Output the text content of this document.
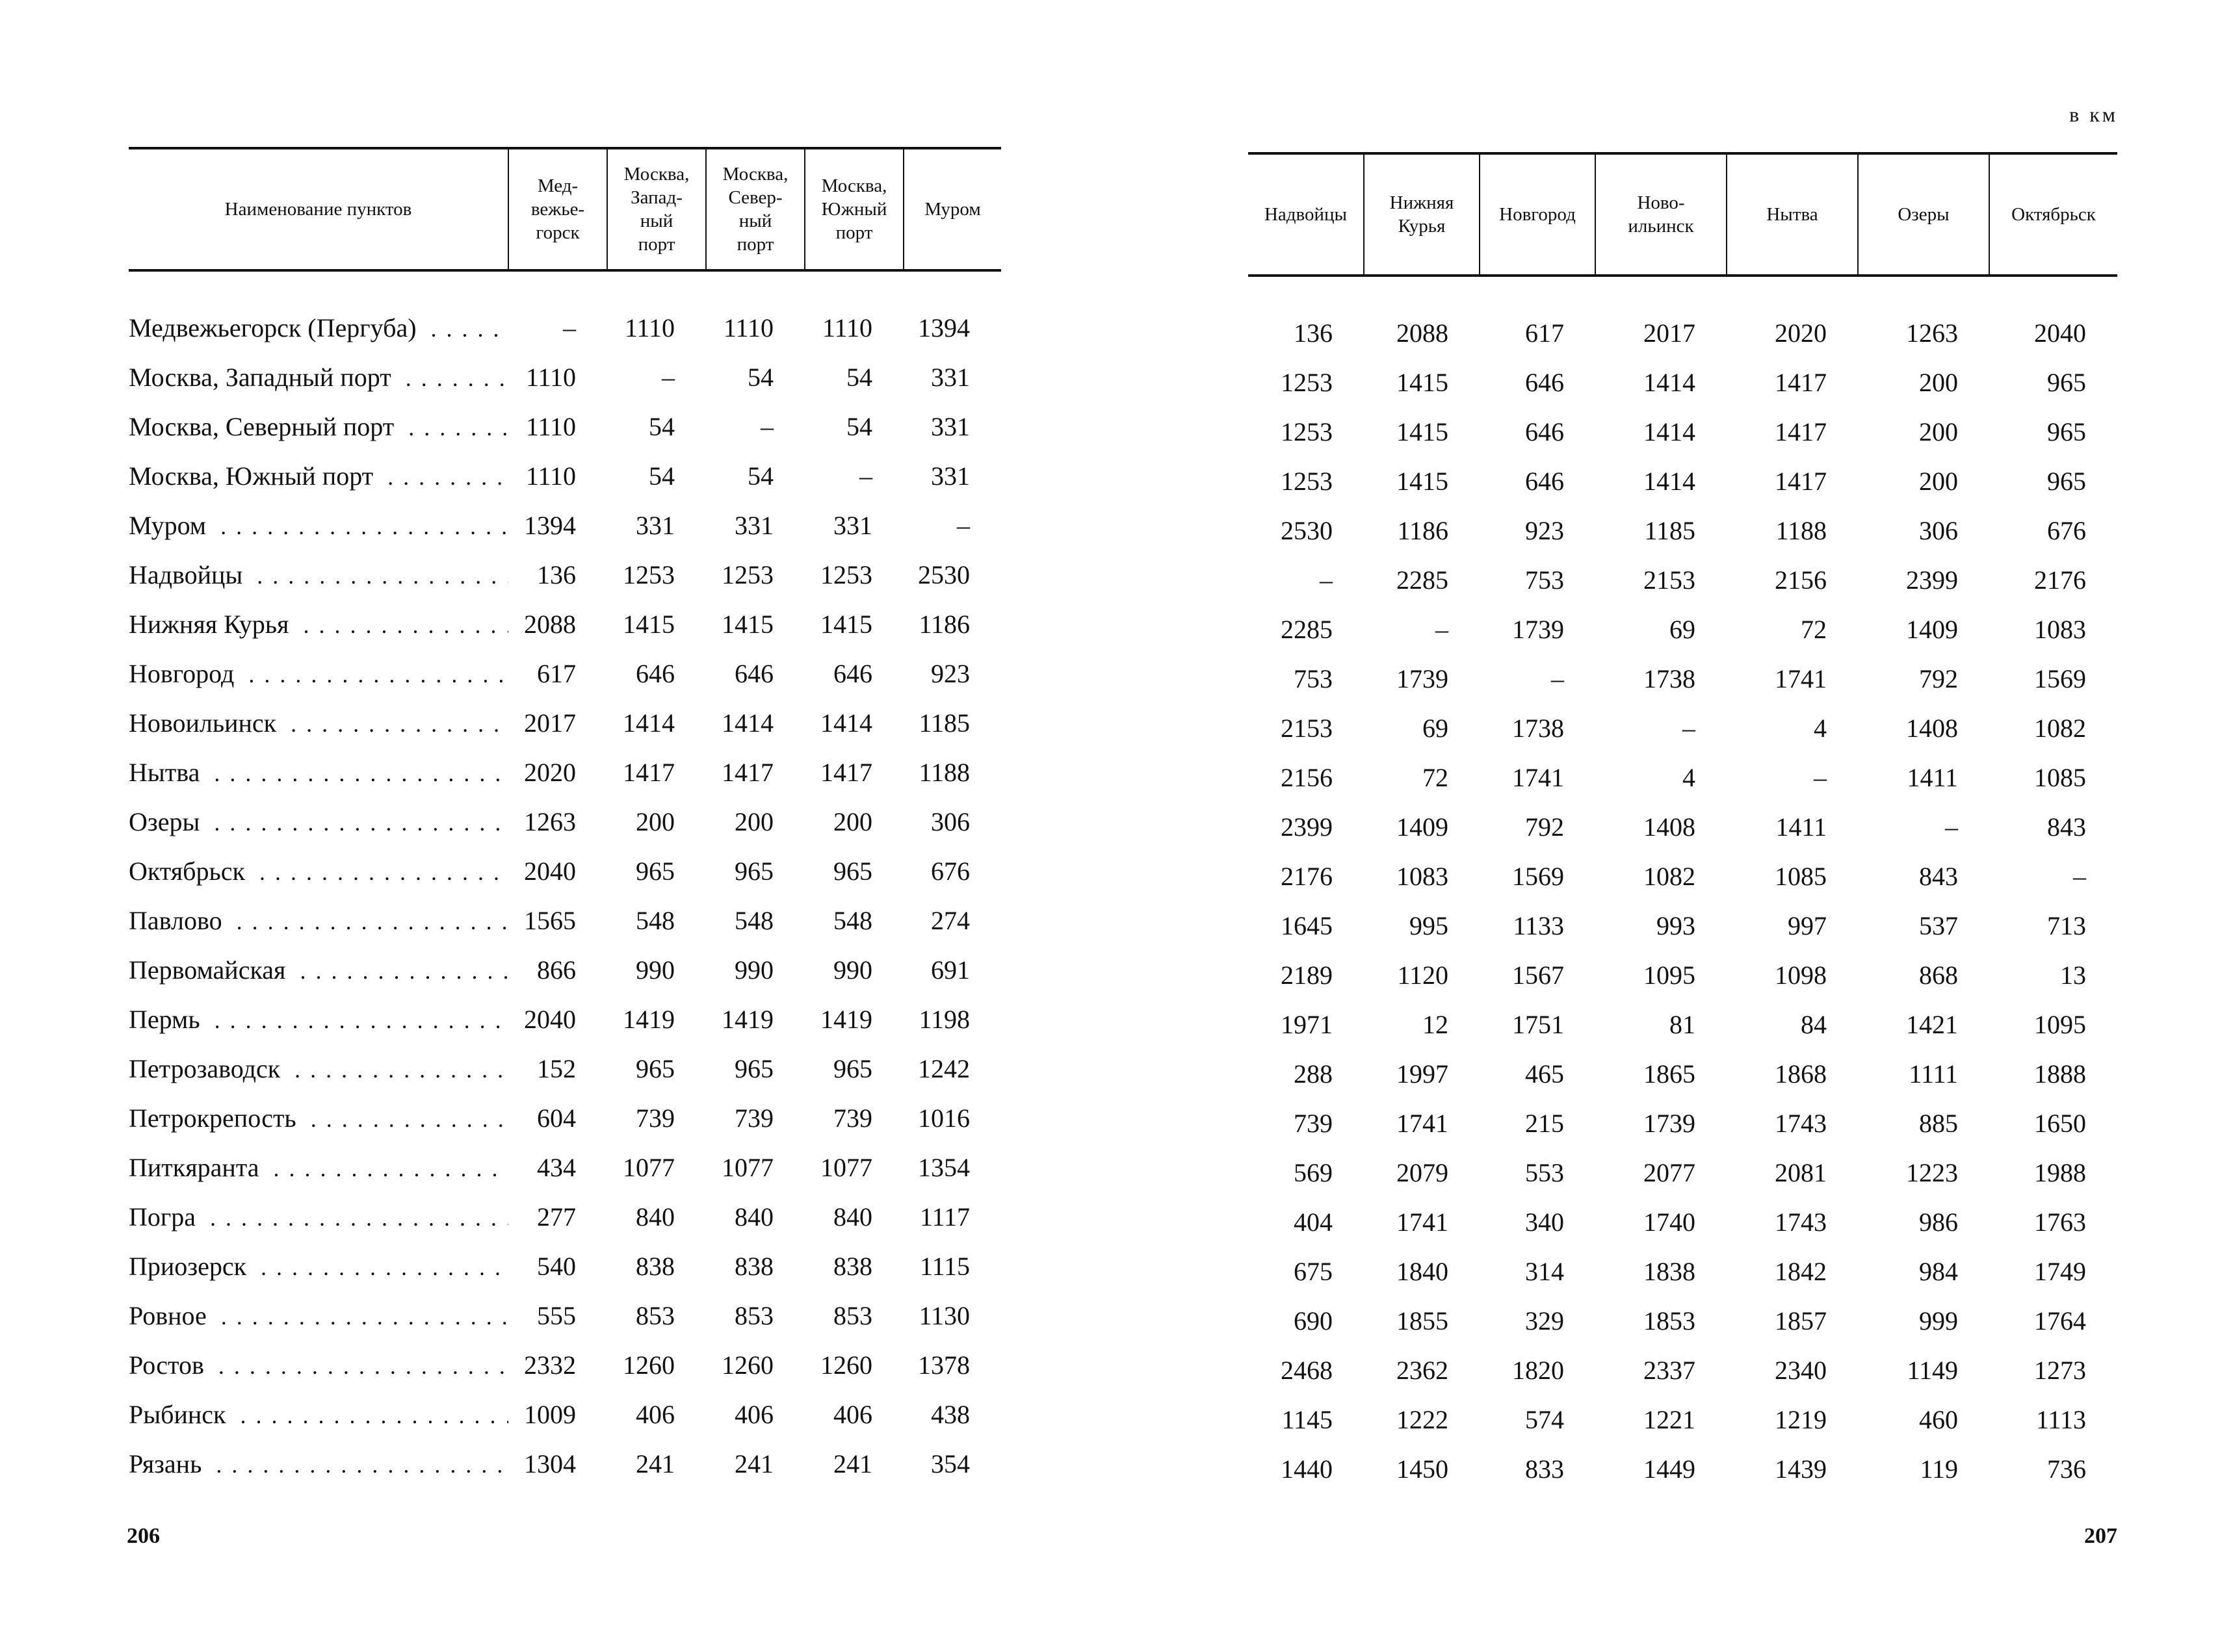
Наименование пунктов	Мед-
вежье-
горск	Москва,
Запад-
ный
порт	Москва,
Север-
ный
порт	Москва,
Южный
порт	Муром

Медвежьегорск (Пергуба) . . .	–	1110	1110	1110	1394
Москва, Западный порт . . .	1110	–	54	54	331
Москва, Северный порт . . .	1110	54	–	54	331
Москва, Южный порт . . .	1110	54	54	–	331
Муром . . .	1394	331	331	331	–
Надвойцы . . .	136	1253	1253	1253	2530
Нижняя Курья . . .	2088	1415	1415	1415	1186
Новгород . . .	617	646	646	646	923
Новоильинск . . .	2017	1414	1414	1414	1185
Нытва . . .	2020	1417	1417	1417	1188
Озеры . . .	1263	200	200	200	306
Октябрьск . . .	2040	965	965	965	676
Павлово . . .	1565	548	548	548	274
Первомайская . . .	866	990	990	990	691
Пермь . . .	2040	1419	1419	1419	1198
Петрозаводск . . .	152	965	965	965	1242
Петрокрепость . . .	604	739	739	739	1016
Питкяранта . . .	434	1077	1077	1077	1354
Погра . . .	277	840	840	840	1117
Приозерск . . .	540	838	838	838	1115
Ровное . . .	555	853	853	853	1130
Ростов . . .	2332	1260	1260	1260	1378
Рыбинск . . .	1009	406	406	406	438
Рязань . . .	1304	241	241	241	354
206
в км
Надвойцы	Нижняя
Курья	Новгород	Ново-
ильинск	Нытва	Озеры	Октябрьск

136	2088	617	2017	2020	1263	2040
1253	1415	646	1414	1417	200	965
1253	1415	646	1414	1417	200	965
1253	1415	646	1414	1417	200	965
2530	1186	923	1185	1188	306	676
–	2285	753	2153	2156	2399	2176
2285	–	1739	69	72	1409	1083
753	1739	–	1738	1741	792	1569
2153	69	1738	–	4	1408	1082
2156	72	1741	4	–	1411	1085
2399	1409	792	1408	1411	–	843
2176	1083	1569	1082	1085	843	–
1645	995	1133	993	997	537	713
2189	1120	1567	1095	1098	868	13
1971	12	1751	81	84	1421	1095
288	1997	465	1865	1868	1111	1888
739	1741	215	1739	1743	885	1650
569	2079	553	2077	2081	1223	1988
404	1741	340	1740	1743	986	1763
675	1840	314	1838	1842	984	1749
690	1855	329	1853	1857	999	1764
2468	2362	1820	2337	2340	1149	1273
1145	1222	574	1221	1219	460	1113
1440	1450	833	1449	1439	119	736
207
